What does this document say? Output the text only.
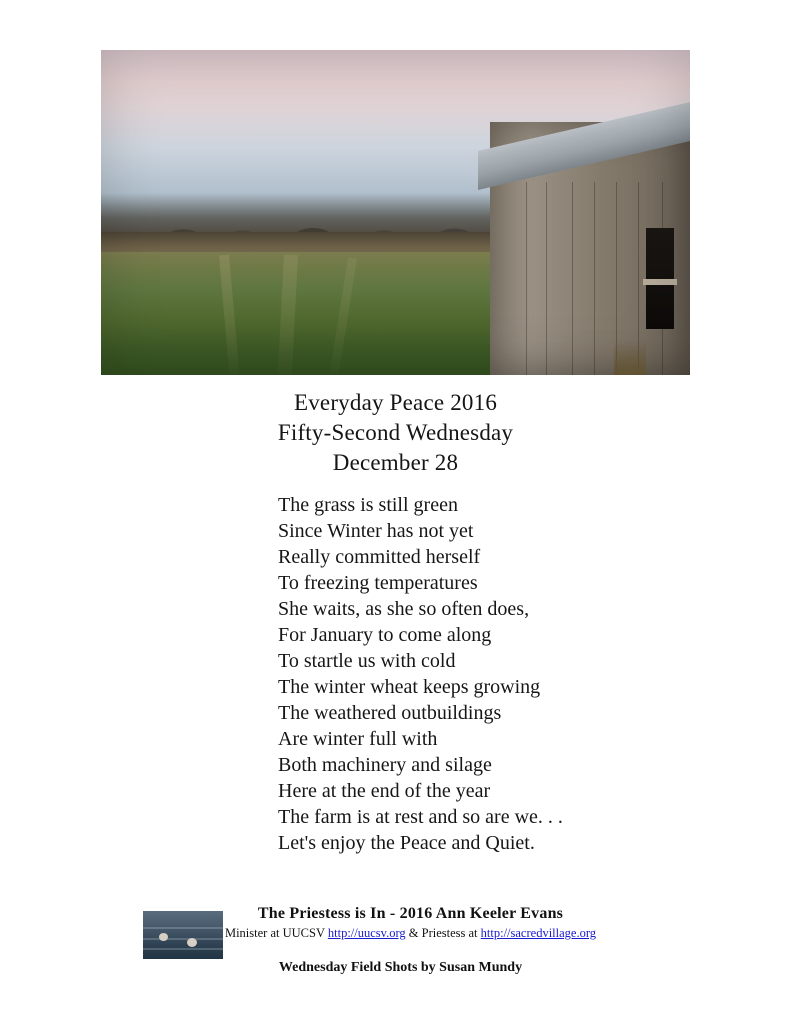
Everyday Peace 2016
Fifty-Second Wednesday
December 28
The grass is still green
Since Winter has not yet
Really committed herself
To freezing temperatures
She waits, as she so often does,
For January to come along
To startle us with cold
The winter wheat keeps growing
The weathered outbuildings
Are winter full with
Both machinery and silage
Here at the end of the year
The farm is at rest and so are we. . .
Let's enjoy the Peace and Quiet.
The Priestess is In - 2016 Ann Keeler Evans
Minister at UUCSV http://uucsv.org & Priestess at http://sacredvillage.org
Wednesday Field Shots by Susan Mundy
